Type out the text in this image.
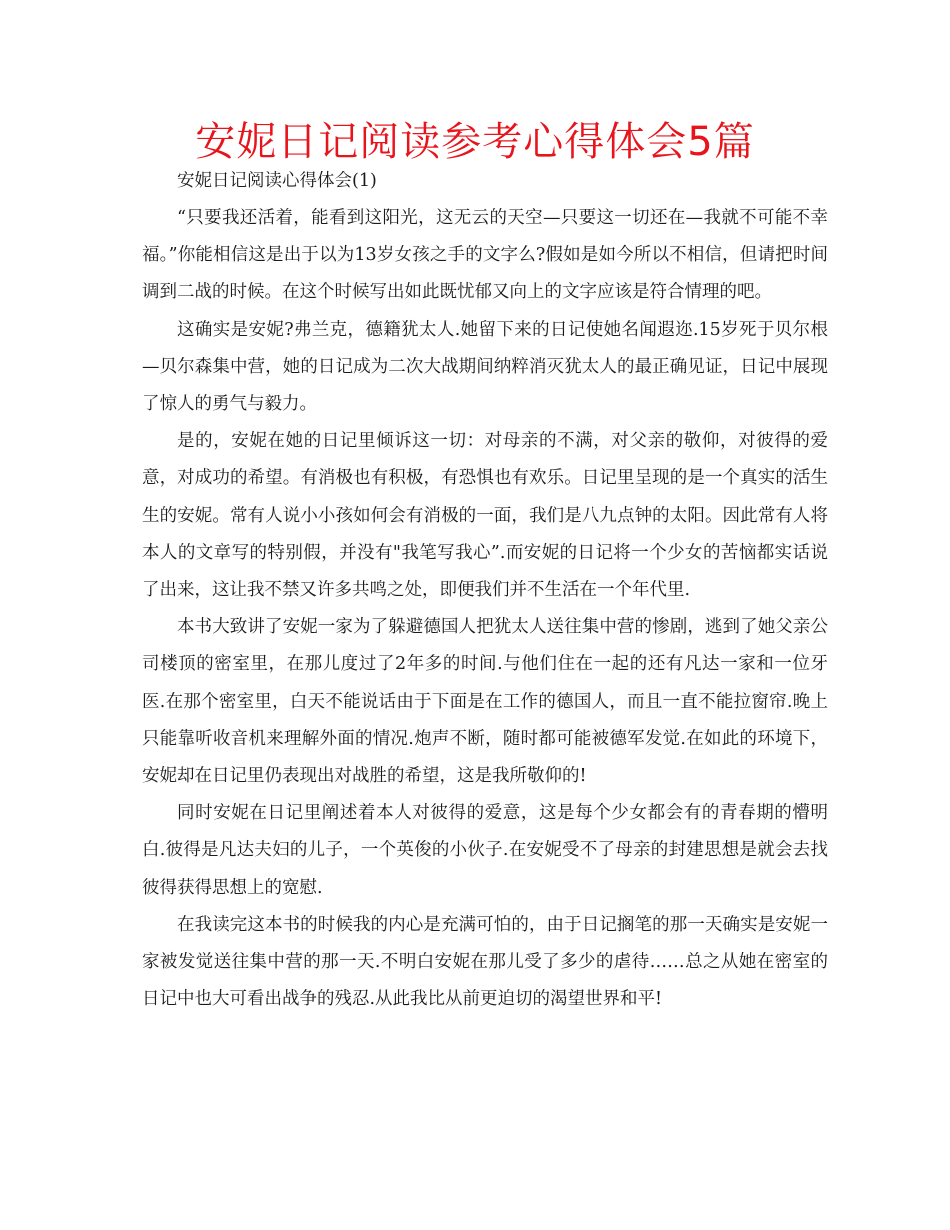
安妮日记阅读参考心得体会5篇

安妮日记阅读心得体会(1)

“只要我还活着，能看到这阳光，这无云的天空—只要这一切还在—我就不可能不幸福。”你能相信这是出于以为13岁女孩之手的文字么?假如是如今所以不相信，但请把时间调到二战的时候。在这个时候写出如此既忧郁又向上的文字应该是符合情理的吧。

这确实是安妮?弗兰克，德籍犹太人.她留下来的日记使她名闻遐迩.15岁死于贝尔根—贝尔森集中营，她的日记成为二次大战期间纳粹消灭犹太人的最正确见证，日记中展现了惊人的勇气与毅力。

是的，安妮在她的日记里倾诉这一切：对母亲的不满，对父亲的敬仰，对彼得的爱意，对成功的希望。有消极也有积极，有恐惧也有欢乐。日记里呈现的是一个真实的活生生的安妮。常有人说小小孩如何会有消极的一面，我们是八九点钟的太阳。因此常有人将本人的文章写的特别假，并没有"我笔写我心”.而安妮的日记将一个少女的苦恼都实话说了出来，这让我不禁又许多共鸣之处，即便我们并不生活在一个年代里.

本书大致讲了安妮一家为了躲避德国人把犹太人送往集中营的惨剧，逃到了她父亲公司楼顶的密室里，在那儿度过了2年多的时间.与他们住在一起的还有凡达一家和一位牙医.在那个密室里，白天不能说话由于下面是在工作的德国人，而且一直不能拉窗帘.晚上只能靠听收音机来理解外面的情况.炮声不断，随时都可能被德军发觉.在如此的环境下，安妮却在日记里仍表现出对战胜的希望，这是我所敬仰的!

同时安妮在日记里阐述着本人对彼得的爱意，这是每个少女都会有的青春期的懵明白.彼得是凡达夫妇的儿子，一个英俊的小伙子.在安妮受不了母亲的封建思想是就会去找彼得获得思想上的宽慰.

在我读完这本书的时候我的内心是充满可怕的，由于日记搁笔的那一天确实是安妮一家被发觉送往集中营的那一天.不明白安妮在那儿受了多少的虐待……总之从她在密室的日记中也大可看出战争的残忍.从此我比从前更迫切的渴望世界和平!
